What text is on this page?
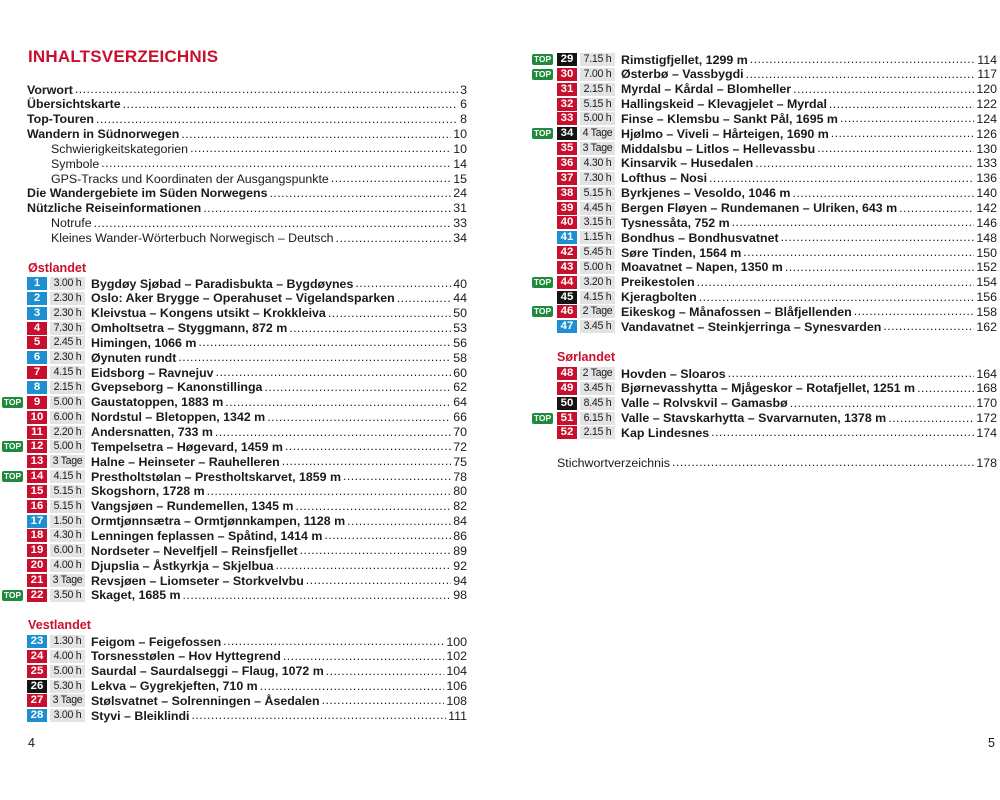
INHALTSVERZEICHNIS
Vorwort . . .	3
Übersichtskarte . . .	6
Top-Touren . . .	8
Wandern in Südnorwegen . . .	10
Schwierigkeitskategorien . . .	10
Symbole . . .	14
GPS-Tracks und Koordinaten der Ausgangspunkte . . .	15
Die Wandergebiete im Süden Norwegens . . .	24
Nützliche Reiseinformationen . . .	31
Notrufe . . .	33
Kleines Wander-Wörterbuch Norwegisch – Deutsch . . .	34
Østlandet
1	3.00 h Bygdøy Sjøbad – Paradisbukta – Bygdøynes . . .	40
2	2.30 h Oslo: Aker Brygge – Operahuset – Vigelandsparken . . .	44
3	2.30 h Kleivstua – Kongens utsikt – Krokkleiva . . .	50
4	7.30 h Omholtsetra – Styggmann, 872 m . . .	53
5	2.45 h Himingen, 1066 m . . .	56
6	2.30 h Øynuten rundt . . .	58
7	4.15 h Eidsborg – Ravnejuv . . .	60
8	2.15 h Gvepseborg – Kanonstillinga . . .	62
TOP	9	5.00 h Gaustatoppen, 1883 m . . .	64
10 6.00 h Nordstul – Bletoppen, 1342 m . . .	66
11	2.20 h Andersnatten, 733 m . . .	70
TOP 12 5.00 h Tempelsetra – Høgevard, 1459 m . . .	72
13 3 Tage Halne – Heinseter – Rauhelleren . . .	75
TOP 14 4.15 h Prestholtstølan – Prestholtskarvet, 1859 m . . .	78
15 5.15 h Skogshorn, 1728 m . . .	80
16 5.15 h Vangsjøen – Rundemellen, 1345 m . . .	82
17 1.50 h Ormtjønnsætra – Ormtjønnkampen, 1128 m . . .	84
18 4.30 h Lenningen feplassen – Spåtind, 1414 m . . .	86
19 6.00 h Nordseter – Nevelfjell – Reinsfjellet . . .	89
20 4.00 h Djupslia – Åstkyrkja – Skjelbua . . .	92
21 3 Tage Revsjøen – Liomseter – Storkvelvbu . . .	94
TOP 22 3.50 h Skaget, 1685 m . . .	98
Vestlandet
23 1.30 h Feigom – Feigefossen . . .	100
24 4.00 h Torsnesstølen – Hov Hyttegrend . . .	102
25 5.00 h Saurdal – Saurdalseggi – Flaug, 1072 m . . .	104
26 5.30 h Lekva – Gygrekjeften, 710 m . . .	106
27 3 Tage Stølsvatnet – Solrenningen – Åsedalen . . .	108
28 3.00 h Styvi – Bleiklindi . . .	111
TOP 29 7.15 h Rimstigfjellet, 1299 m . . .	114
TOP 30 7.00 h Østerbø – Vassbygdi . . .	117
31 2.15 h Myrdal – Kårdal – Blomheller . . .	120
32 5.15 h Hallingskeid – Klevagjelet – Myrdal . . .	122
33 5.00 h Finse – Klemsbu – Sankt Pål, 1695 m . . .	124
TOP 34 4 Tage Hjølmo – Viveli – Hårteigen, 1690 m . . .	126
35 3 Tage Middalsbu – Litlos – Hellevassbu . . .	130
36 4.30 h Kinsarvik – Husedalen . . .	133
37 7.30 h Lofthus – Nosi . . .	136
38 5.15 h Byrkjenes – Vesoldo, 1046 m . . .	140
39 4.45 h Bergen Fløyen – Rundemanen – Ulriken, 643 m . . .	142
40 3.15 h Tysnessåta, 752 m . . .	146
41 1.15 h Bondhus – Bondhusvatnet . . .	148
42 5.45 h Søre Tinden, 1564 m . . .	150
43 5.00 h Moavatnet – Napen, 1350 m . . .	152
TOP 44 3.20 h Preikestolen . . .	154
45 4.15 h Kjeragbolten . . .	156
TOP 46 2 Tage Eikeskog – Månafossen – Blåfjellenden . . .	158
47 3.45 h Vandavatnet – Steinkjerringa – Synesvarden . . .	162
Sørlandet
48 2 Tage Hovden – Sloaros . . .	164
49 3.45 h Bjørnevasshytta – Mjågeskor – Rotafjellet, 1251 m . . .	168
50 8.45 h Valle – Rolvskvil – Gamasbø . . .	170
TOP 51 6.15 h Valle – Stavskarhytta – Svarvarnuten, 1378 m . . .	172
52 2.15 h Kap Lindesnes . . .	174
Stichwortverzeichnis . . .	178
4	5
